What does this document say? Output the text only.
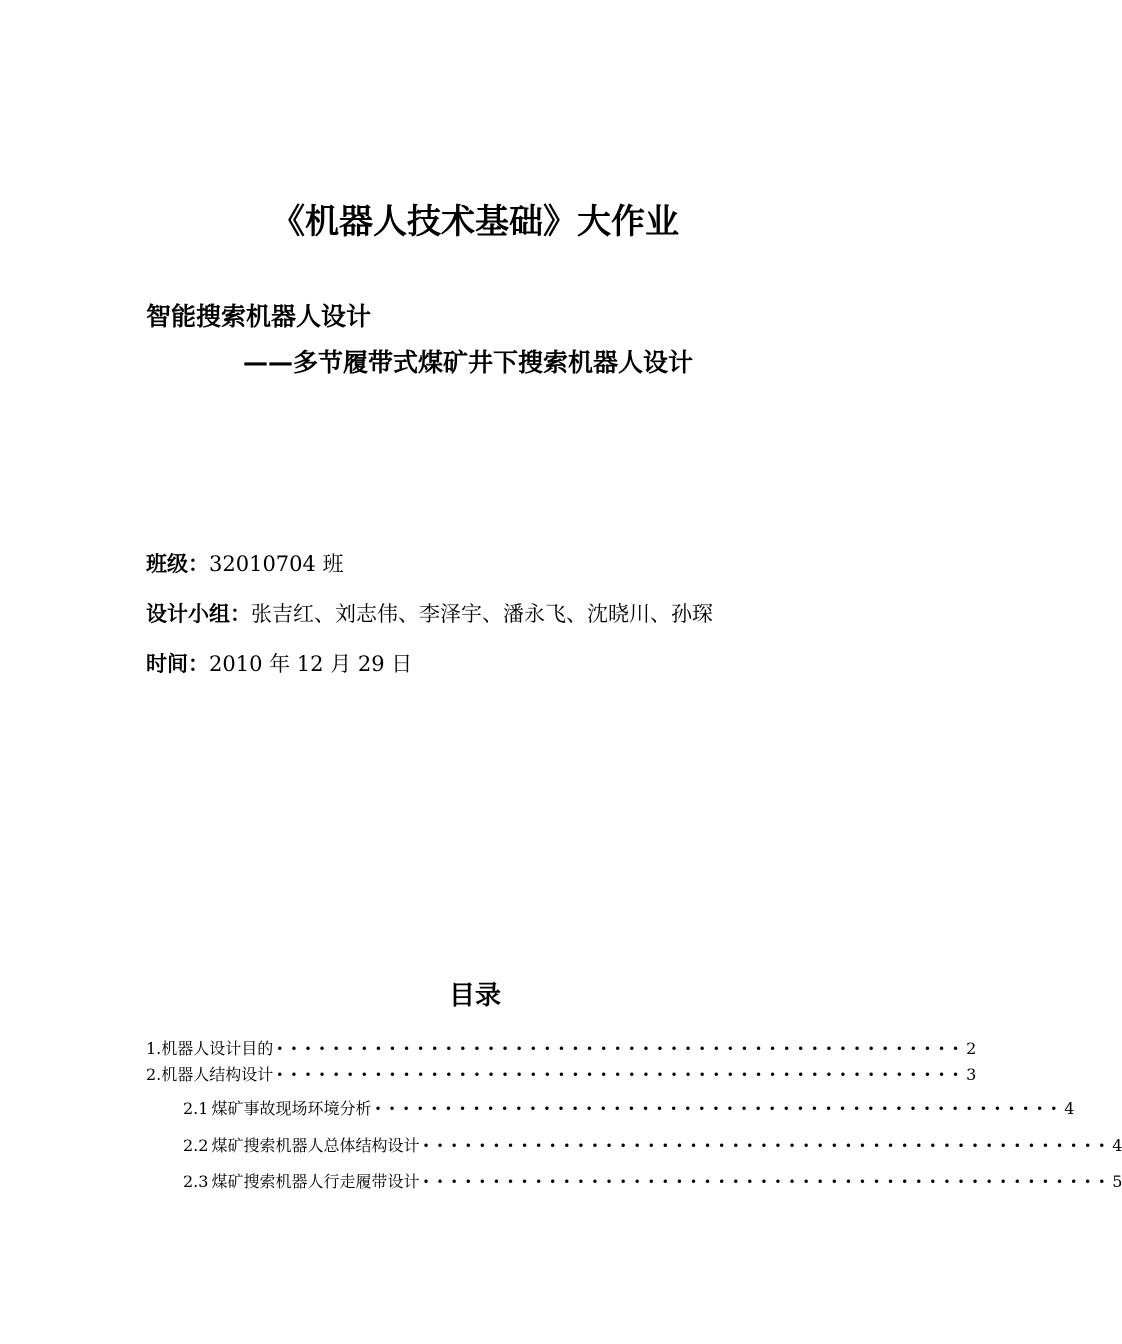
《机器人技术基础》大作业
智能搜索机器人设计
——多节履带式煤矿井下搜索机器人设计
班级：32010704 班
设计小组：张吉红、刘志伟、李泽宇、潘永飞、沈晓川、孙琛
时间：2010 年 12 月 29 日
目录
1. 机器人设计目的 ••••••••••••••••••••••••••••••••••••••••••••••••• 2
2. 机器人结构设计 ••••••••••••••••••••••••••••••••••••••••••••••••• 3
2.1 煤矿事故现场环境分析 ••••••••••••••••••••••••••••••••••••••••••••••••• 4
2.2 煤矿搜索机器人总体结构设计 ••••••••••••••••••••••••••••••••••••••••••••••••• 4
2.3 煤矿搜索机器人行走履带设计 ••••••••••••••••••••••••••••••••••••••••••••••••• 5
